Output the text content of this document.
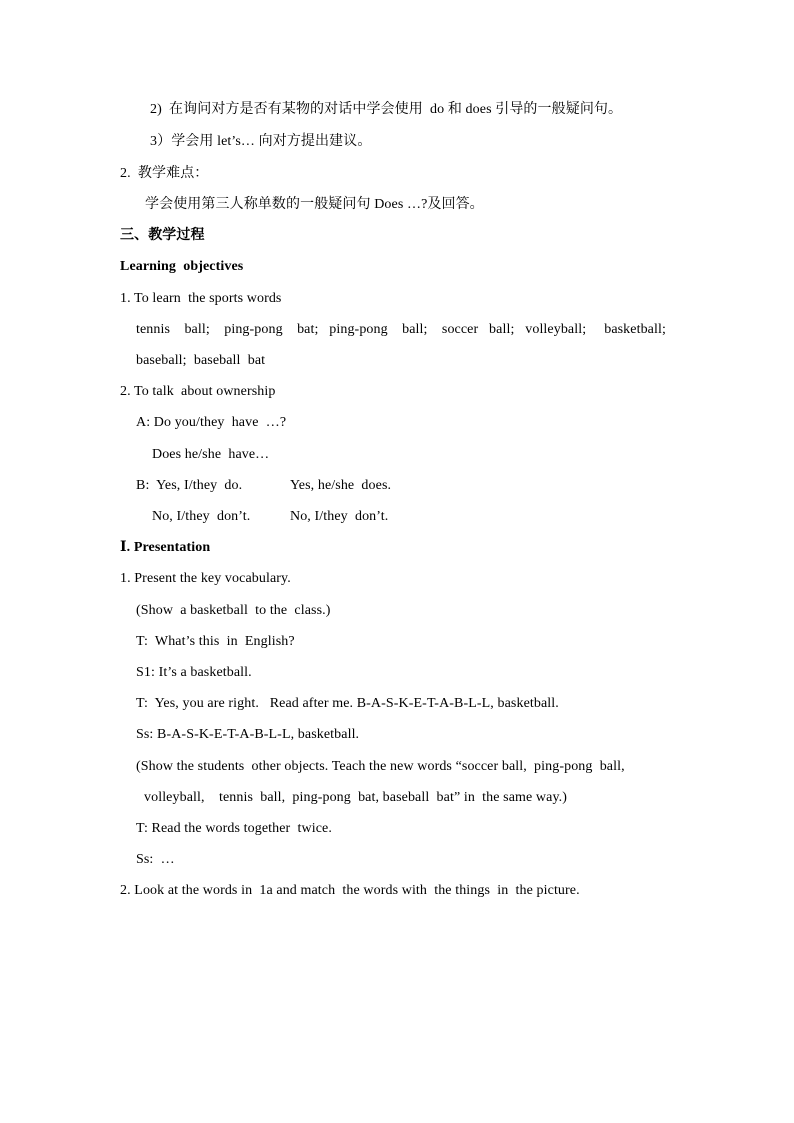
2)  在询问对方是否有某物的对话中学会使用  do 和 does 引导的一般疑问句。
3）学会用 let’s… 向对方提出建议。
2.  教学难点：
学会使用第三人称单数的一般疑问句 Does …?及回答。
三、教学过程
Learning  objectives
1. To learn  the sports words
tennis    ball;    ping-pong    bat;   ping-pong    ball;    soccer   ball;   volleyball;     basketball;
baseball;  baseball  bat
2. To talk  about ownership
A: Do you/they  have  …?
Does he/she  have…
B:  Yes, I/they  do.	Yes, he/she  does.
No, I/they  don’t.	No, I/they  don’t.
Ⅰ. Presentation
1. Present the key vocabulary.
(Show  a basketball  to the  class.)
T:  What’s this  in  English?
S1: It’s a basketball.
T:  Yes, you are right.   Read after me. B-A-S-K-E-T-A-B-L-L, basketball.
Ss: B-A-S-K-E-T-A-B-L-L, basketball.
(Show the students  other objects. Teach the new words “soccer ball,  ping-pong  ball,
volleyball,    tennis  ball,  ping-pong  bat, baseball  bat” in  the same way.)
T: Read the words together  twice.
Ss:  …
2. Look at the words in  1a and match  the words with  the things  in  the picture.
